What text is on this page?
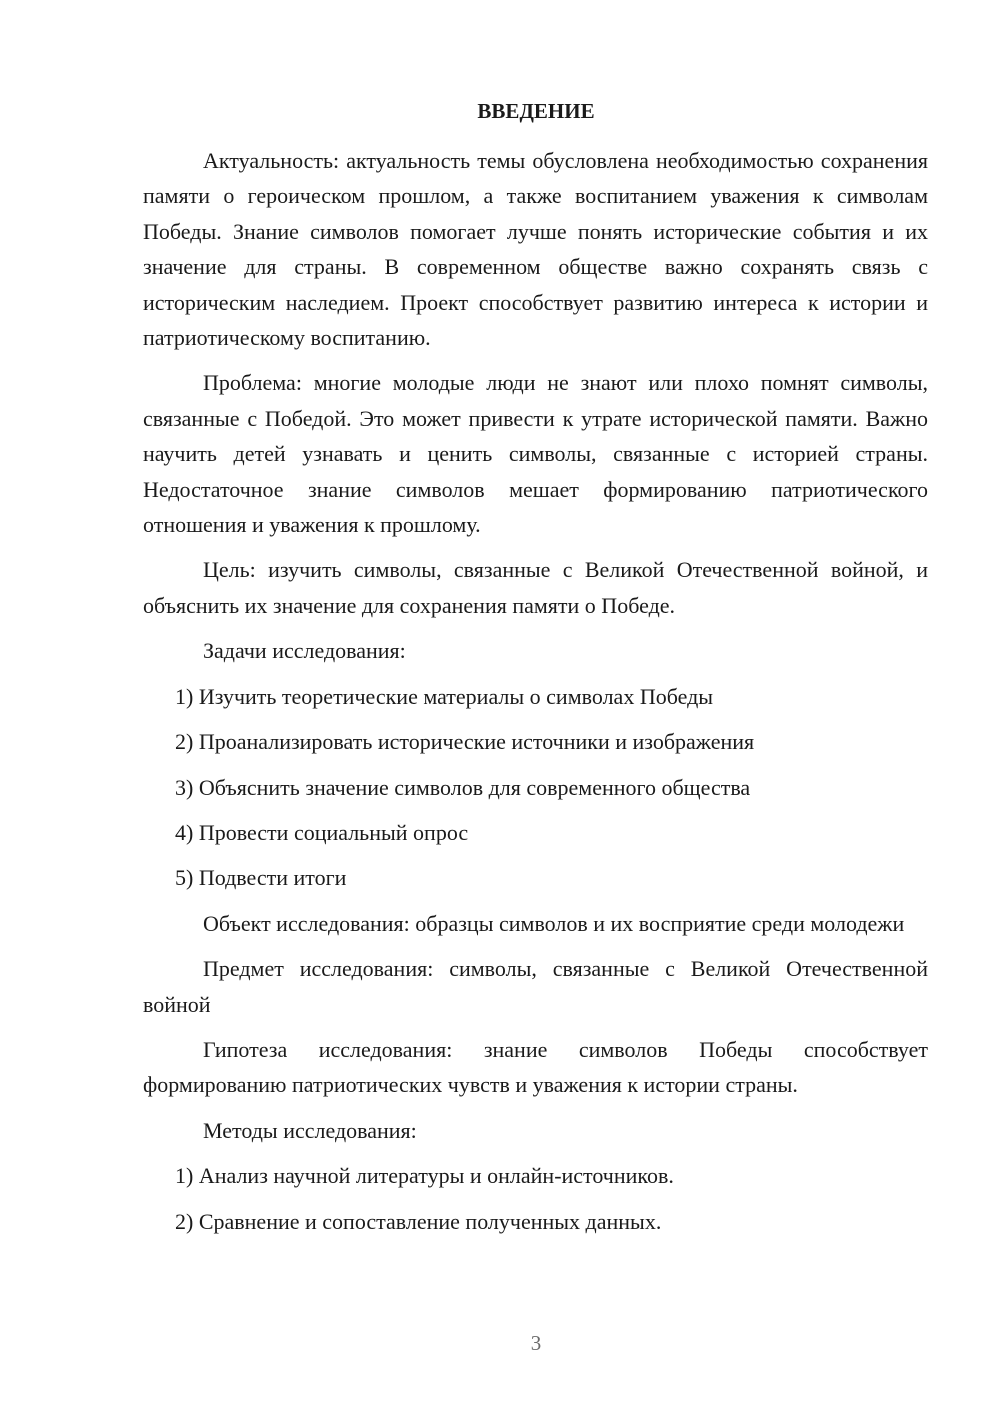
ВВЕДЕНИЕ

Актуальность: актуальность темы обусловлена необходимостью сохранения памяти о героическом прошлом, а также воспитанием уважения к символам Победы. Знание символов помогает лучше понять исторические события и их значение для страны. В современном обществе важно сохранять связь с историческим наследием. Проект способствует развитию интереса к истории и патриотическому воспитанию.

Проблема: многие молодые люди не знают или плохо помнят символы, связанные с Победой. Это может привести к утрате исторической памяти. Важно научить детей узнавать и ценить символы, связанные с историей страны. Недостаточное знание символов мешает формированию патриотического отношения и уважения к прошлому.

Цель: изучить символы, связанные с Великой Отечественной войной, и объяснить их значение для сохранения памяти о Победе.

Задачи исследования:

1) Изучить теоретические материалы о символах Победы

2) Проанализировать исторические источники и изображения

3) Объяснить значение символов для современного общества

4) Провести социальный опрос

5) Подвести итоги

Объект исследования: образцы символов и их восприятие среди молодежи

Предмет исследования: символы, связанные с Великой Отечественной войной

Гипотеза исследования: знание символов Победы способствует формированию патриотических чувств и уважения к истории страны.

Методы исследования:

1) Анализ научной литературы и онлайн-источников.

2) Сравнение и сопоставление полученных данных.

3
